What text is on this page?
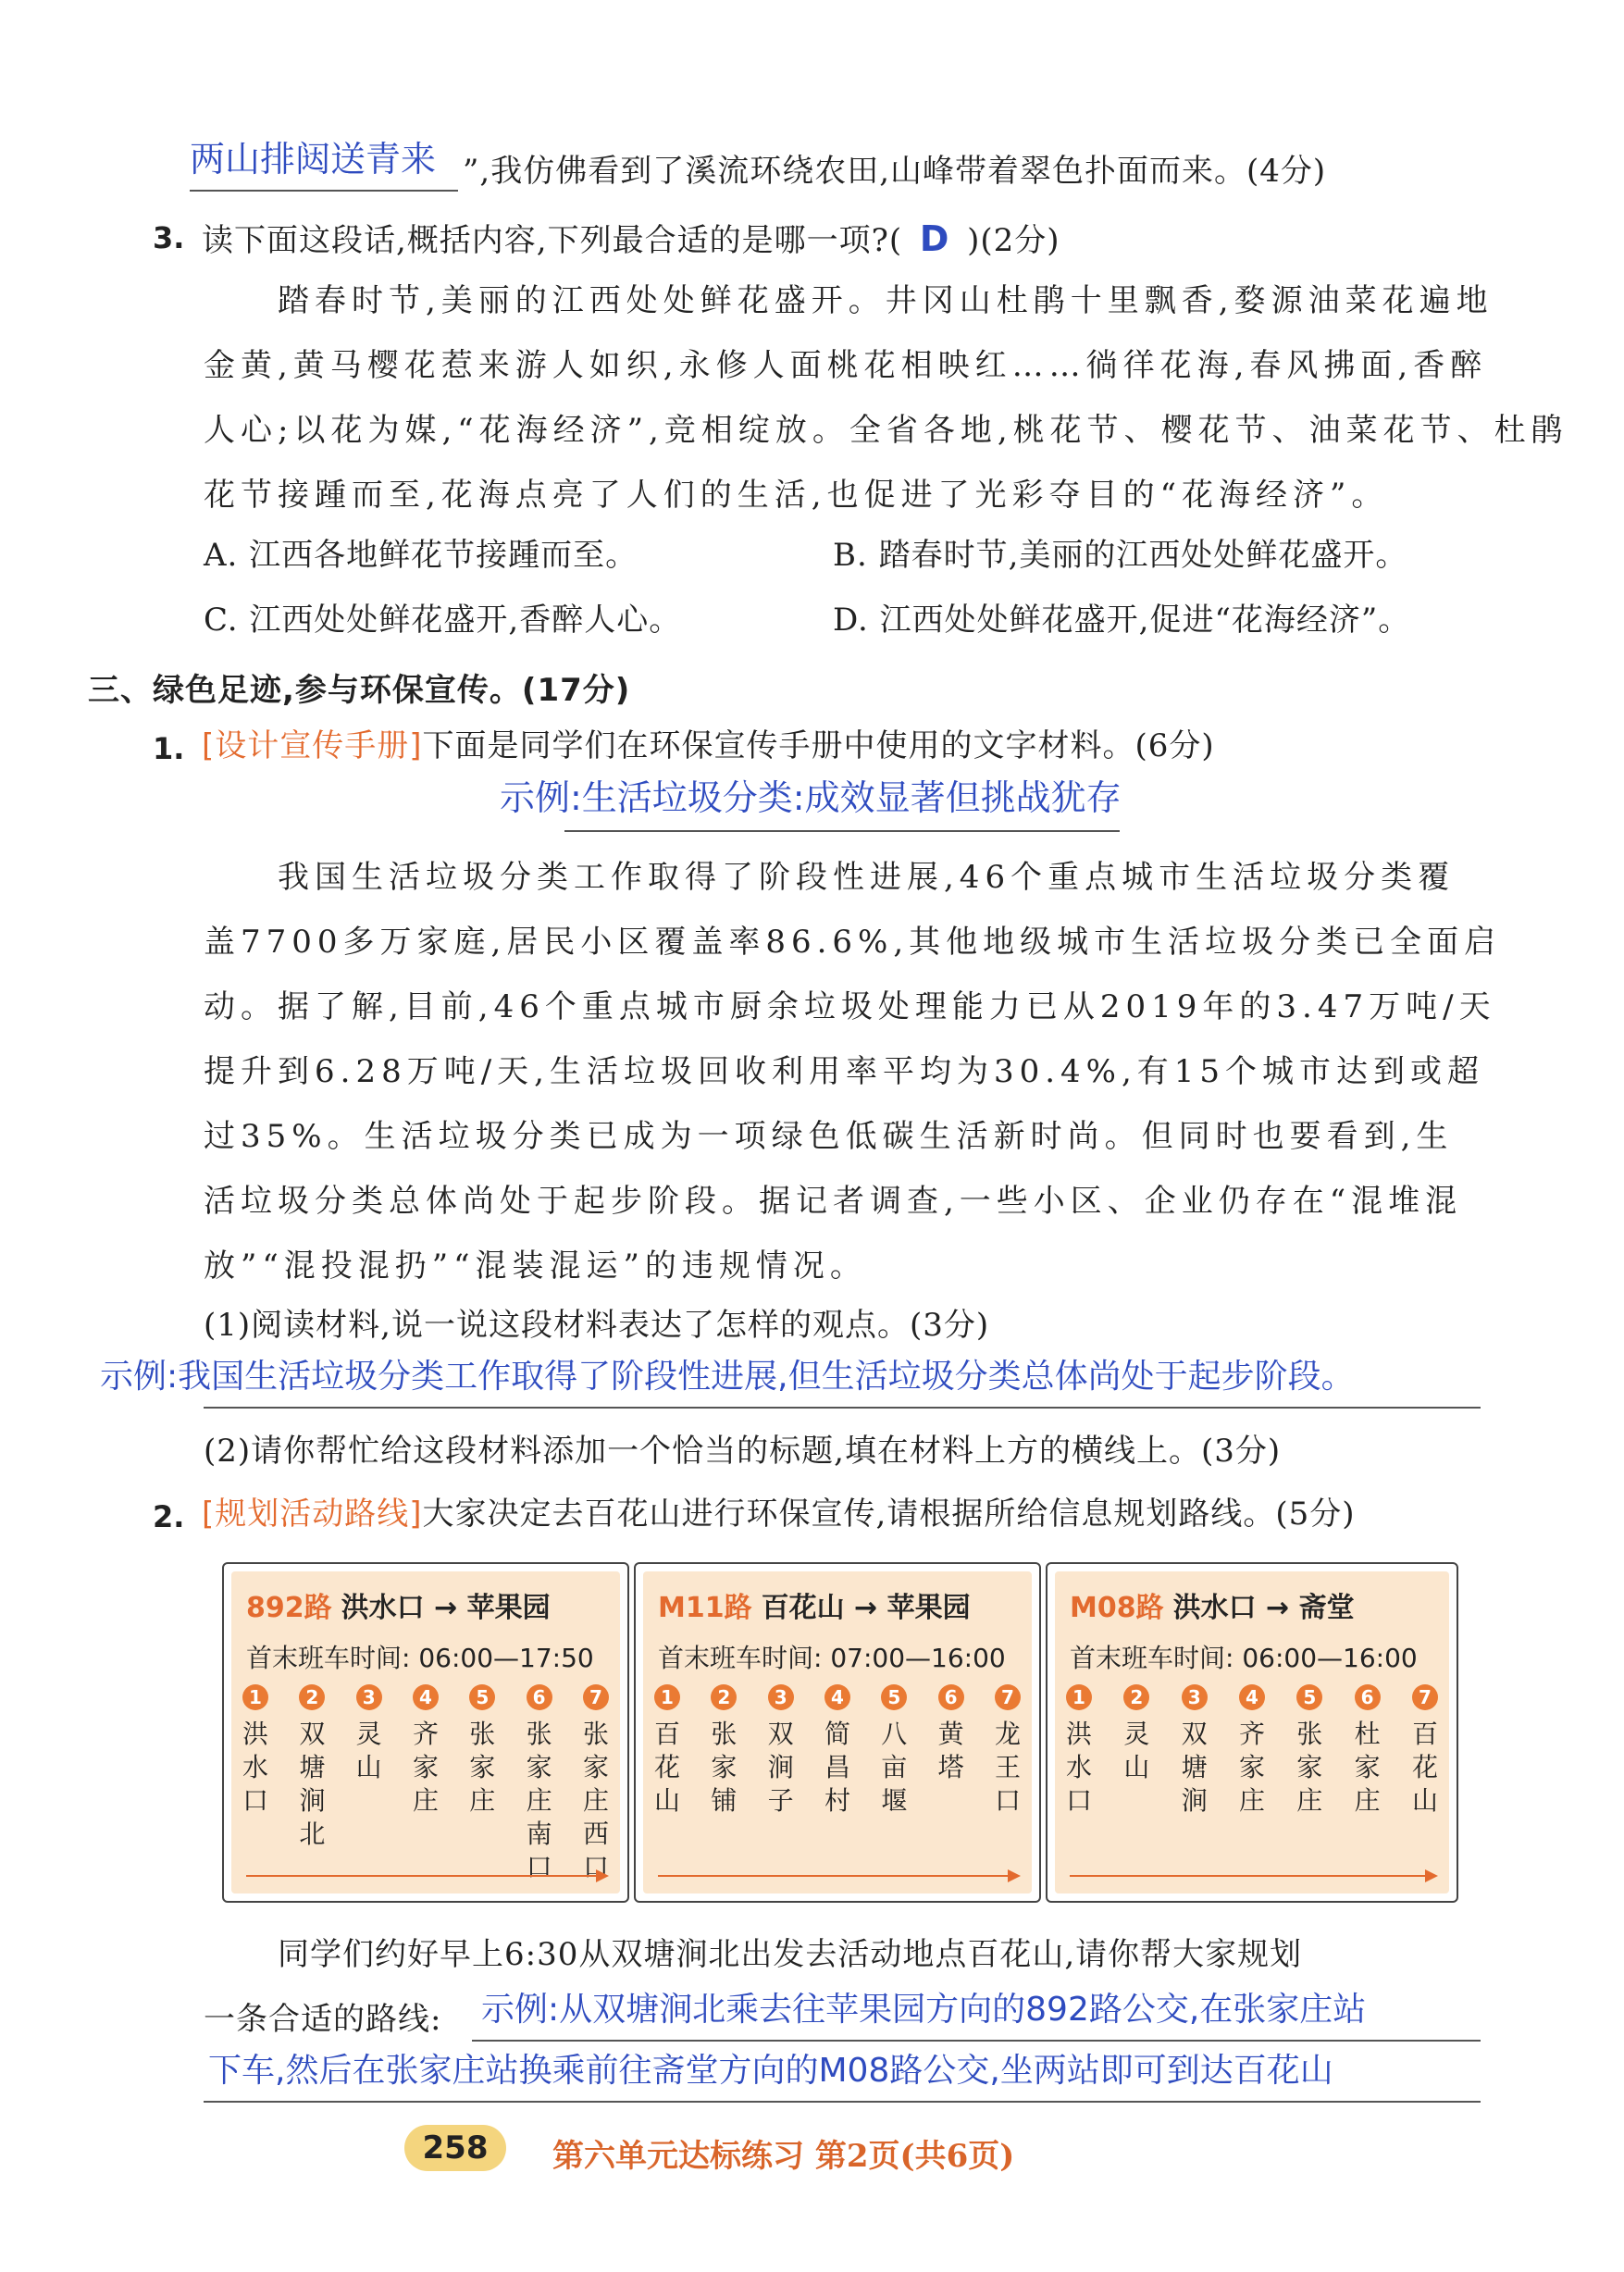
两山排闼送青来 ”,我仿佛看到了溪流环绕农田,山峰带着翠色扑面而来。(4分)
3. 读下面这段话,概括内容,下列最合适的是哪一项?( D )(2分)
踏春时节,美丽的江西处处鲜花盛开。井冈山杜鹃十里飘香,婺源油菜花遍地
金黄,黄马樱花惹来游人如织,永修人面桃花相映红……徜徉花海,春风拂面,香醉
人心;以花为媒,“花海经济”,竞相绽放。全省各地,桃花节、樱花节、油菜花节、杜鹃
花节接踵而至,花海点亮了人们的生活,也促进了光彩夺目的“花海经济”。
A. 江西各地鲜花节接踵而至。	B. 踏春时节,美丽的江西处处鲜花盛开。
C. 江西处处鲜花盛开,香醉人心。	D. 江西处处鲜花盛开,促进“花海经济”。
三、绿色足迹,参与环保宣传。(17分)
1. [设计宣传手册]下面是同学们在环保宣传手册中使用的文字材料。(6分)
示例:生活垃圾分类:成效显著但挑战犹存
我国生活垃圾分类工作取得了阶段性进展,46个重点城市生活垃圾分类覆
盖7700多万家庭,居民小区覆盖率86.6%,其他地级城市生活垃圾分类已全面启
动。据了解,目前,46个重点城市厨余垃圾处理能力已从2019年的3.47万吨/天
提升到6.28万吨/天,生活垃圾回收利用率平均为30.4%,有15个城市达到或超
过35%。生活垃圾分类已成为一项绿色低碳生活新时尚。但同时也要看到,生
活垃圾分类总体尚处于起步阶段。据记者调查,一些小区、企业仍存在“混堆混
放”“混投混扔”“混装混运”的违规情况。
(1)阅读材料,说一说这段材料表达了怎样的观点。(3分)
示例:我国生活垃圾分类工作取得了阶段性进展,但生活垃圾分类总体尚处于起步阶段。
(2)请你帮忙给这段材料添加一个恰当的标题,填在材料上方的横线上。(3分)
2. [规划活动路线]大家决定去百花山进行环保宣传,请根据所给信息规划路线。(5分)
892路 洪水口 → 苹果园
首末班车时间: 06:00—17:50
1
洪水口
2
双塘涧北
3
灵山
4
齐家庄
5
张家庄
6
张家庄南口
7
张家庄西口
M11路 百花山 → 苹果园
首末班车时间: 07:00—16:00
1
百花山
2
张家铺
3
双涧子
4
简昌村
5
八亩堰
6
黄塔
7
龙王口
M08路 洪水口 → 斋堂
首末班车时间: 06:00—16:00
1
洪水口
2
灵山
3
双塘涧
4
齐家庄
5
张家庄
6
杜家庄
7
百花山
同学们约好早上6:30从双塘涧北出发去活动地点百花山,请你帮大家规划
一条合适的路线: 示例:从双塘涧北乘去往苹果园方向的892路公交,在张家庄站
下车,然后在张家庄站换乘前往斋堂方向的M08路公交,坐两站即可到达百花山
258	第六单元达标练习 第2页(共6页)
